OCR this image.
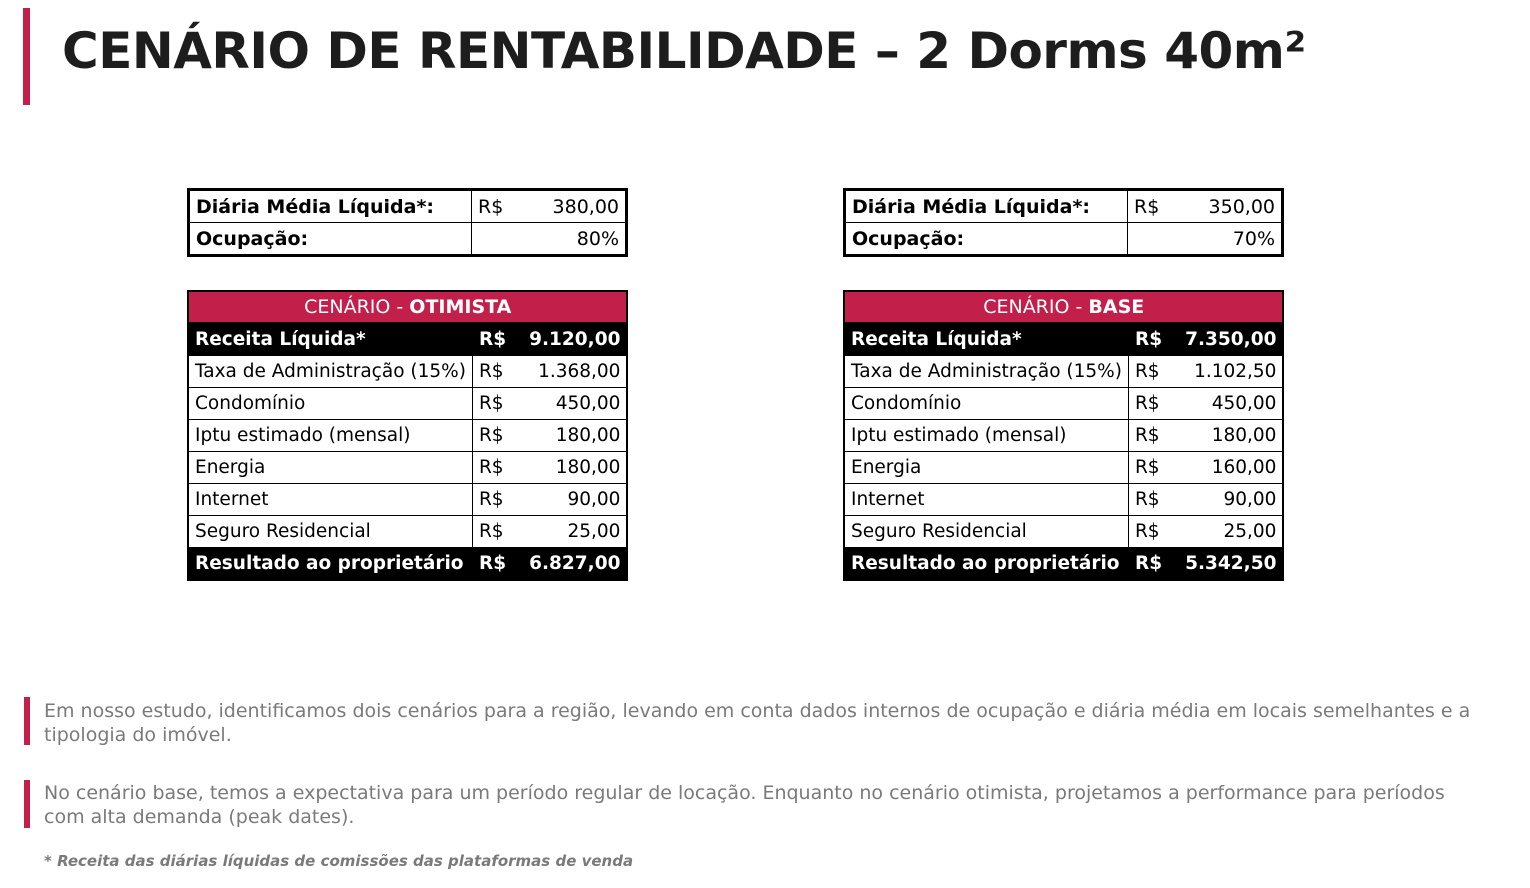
CENÁRIO DE RENTABILIDADE – 2 Dorms 40m²
Diária Média Líquida*:	R$	380,00
Ocupação:	80%	
Diária Média Líquida*:	R$	350,00
Ocupação:	70%	
CENÁRIO - OTIMISTA		
Receita Líquida*	R$	9.120,00
Taxa de Administração (15%)	R$	1.368,00
Condomínio	R$	450,00
Iptu estimado (mensal)	R$	180,00
Energia	R$	180,00
Internet	R$	90,00
Seguro Residencial	R$	25,00
Resultado ao proprietário	R$	6.827,00
CENÁRIO - BASE		
Receita Líquida*	R$	7.350,00
Taxa de Administração (15%)	R$	1.102,50
Condomínio	R$	450,00
Iptu estimado (mensal)	R$	180,00
Energia	R$	160,00
Internet	R$	90,00
Seguro Residencial	R$	25,00
Resultado ao proprietário	R$	5.342,50

Em nosso estudo, identificamos dois cenários para a região, levando em conta dados internos de ocupação e diária média em locais semelhantes e a tipologia do imóvel.

No cenário base, temos a expectativa para um período regular de locação. Enquanto no cenário otimista, projetamos a performance para períodos com alta demanda (peak dates).

* Receita das diárias líquidas de comissões das plataformas de venda
